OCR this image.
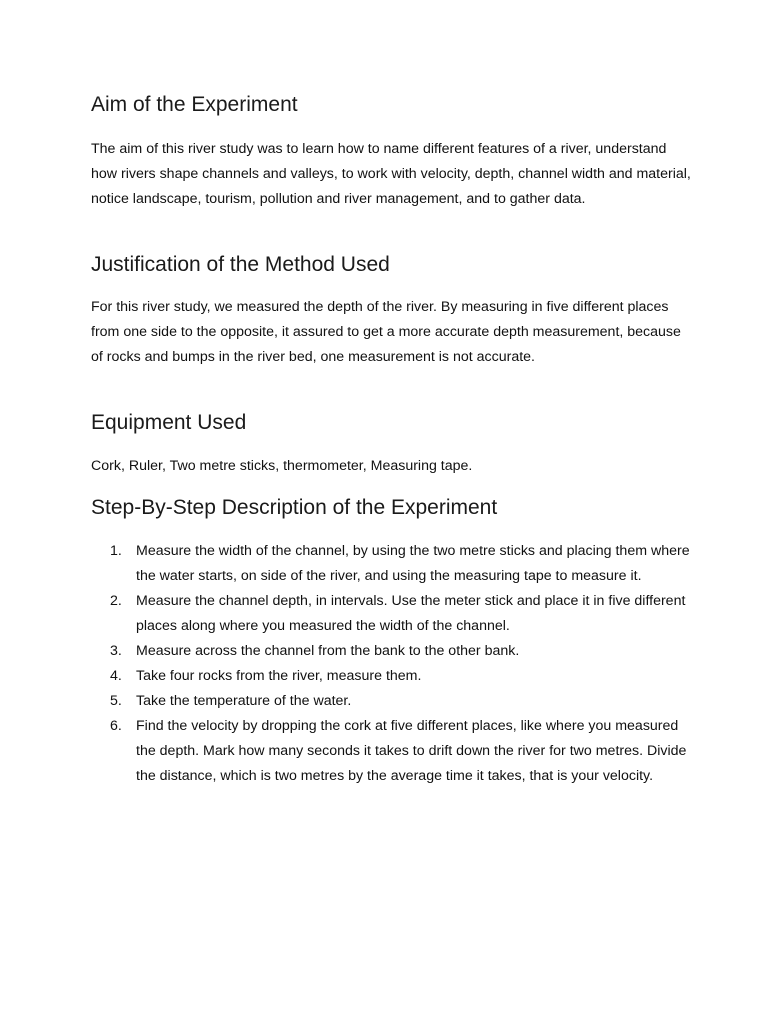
Aim of the Experiment

The aim of this river study was to learn how to name different features of a river, understand how rivers shape channels and valleys, to work with velocity, depth, channel width and material, notice landscape, tourism, pollution and river management, and to gather data.

Justification of the Method Used

For this river study, we measured the depth of the river. By measuring in five different places from one side to the opposite, it assured to get a more accurate depth measurement, because of rocks and bumps in the river bed, one measurement is not accurate.

Equipment Used

Cork, Ruler, Two metre sticks, thermometer, Measuring tape.

Step-By-Step Description of the Experiment
1. Measure the width of the channel, by using the two metre sticks and placing them where the water starts, on side of the river, and using the measuring tape to measure it.
2. Measure the channel depth, in intervals. Use the meter stick and place it in five different places along where you measured the width of the channel.
3. Measure across the channel from the bank to the other bank.
4. Take four rocks from the river, measure them.
5. Take the temperature of the water.
6. Find the velocity by dropping the cork at five different places, like where you measured the depth. Mark how many seconds it takes to drift down the river for two metres. Divide the distance, which is two metres by the average time it takes, that is your velocity.
